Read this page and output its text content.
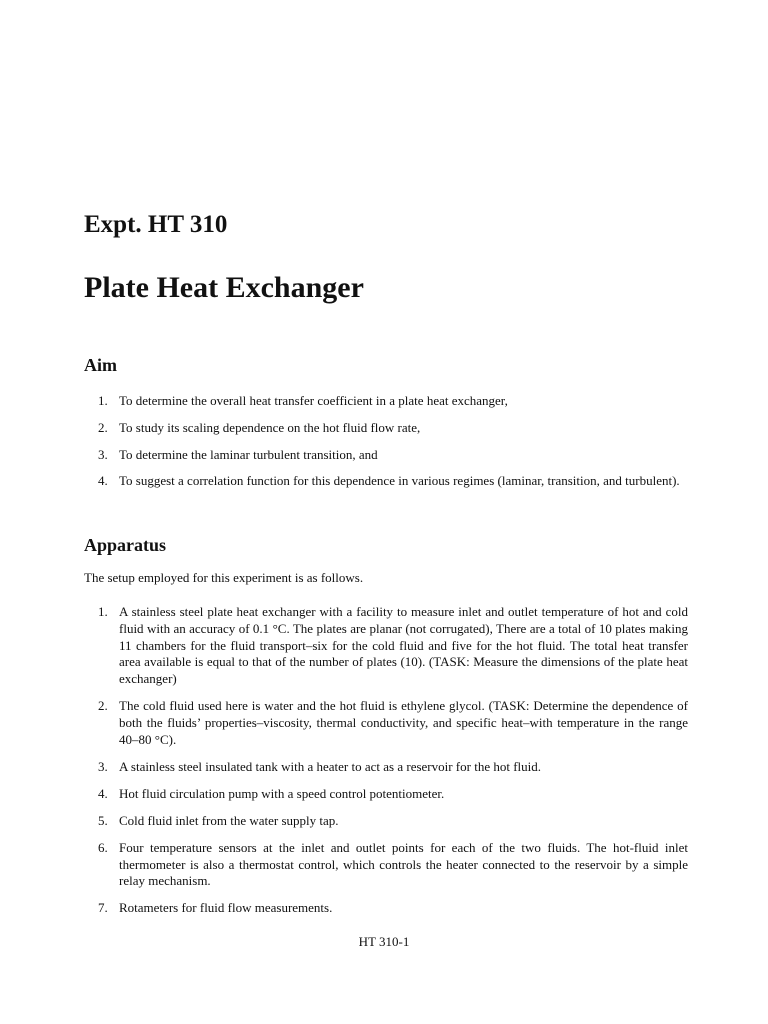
Expt. HT 310
Plate Heat Exchanger
Aim
1. To determine the overall heat transfer coefficient in a plate heat exchanger,
2. To study its scaling dependence on the hot fluid flow rate,
3. To determine the laminar turbulent transition, and
4. To suggest a correlation function for this dependence in various regimes (laminar, transition, and turbulent).
Apparatus

The setup employed for this experiment is as follows.

1. A stainless steel plate heat exchanger with a facility to measure inlet and outlet temperature of hot and cold fluid with an accuracy of 0.1 °C. The plates are planar (not corrugated), There are a total of 10 plates making 11 chambers for the fluid transport–six for the cold fluid and five for the hot fluid. The total heat transfer area available is equal to that of the number of plates (10). (TASK: Measure the dimensions of the plate heat exchanger)
2. The cold fluid used here is water and the hot fluid is ethylene glycol. (TASK: Determine the dependence of both the fluids’ properties–viscosity, thermal conductivity, and specific heat–with temperature in the range 40–80 °C).
3. A stainless steel insulated tank with a heater to act as a reservoir for the hot fluid.
4. Hot fluid circulation pump with a speed control potentiometer.
5. Cold fluid inlet from the water supply tap.
6. Four temperature sensors at the inlet and outlet points for each of the two fluids. The hot-fluid inlet thermometer is also a thermostat control, which controls the heater connected to the reservoir by a simple relay mechanism.
7. Rotameters for fluid flow measurements.
HT 310-1
